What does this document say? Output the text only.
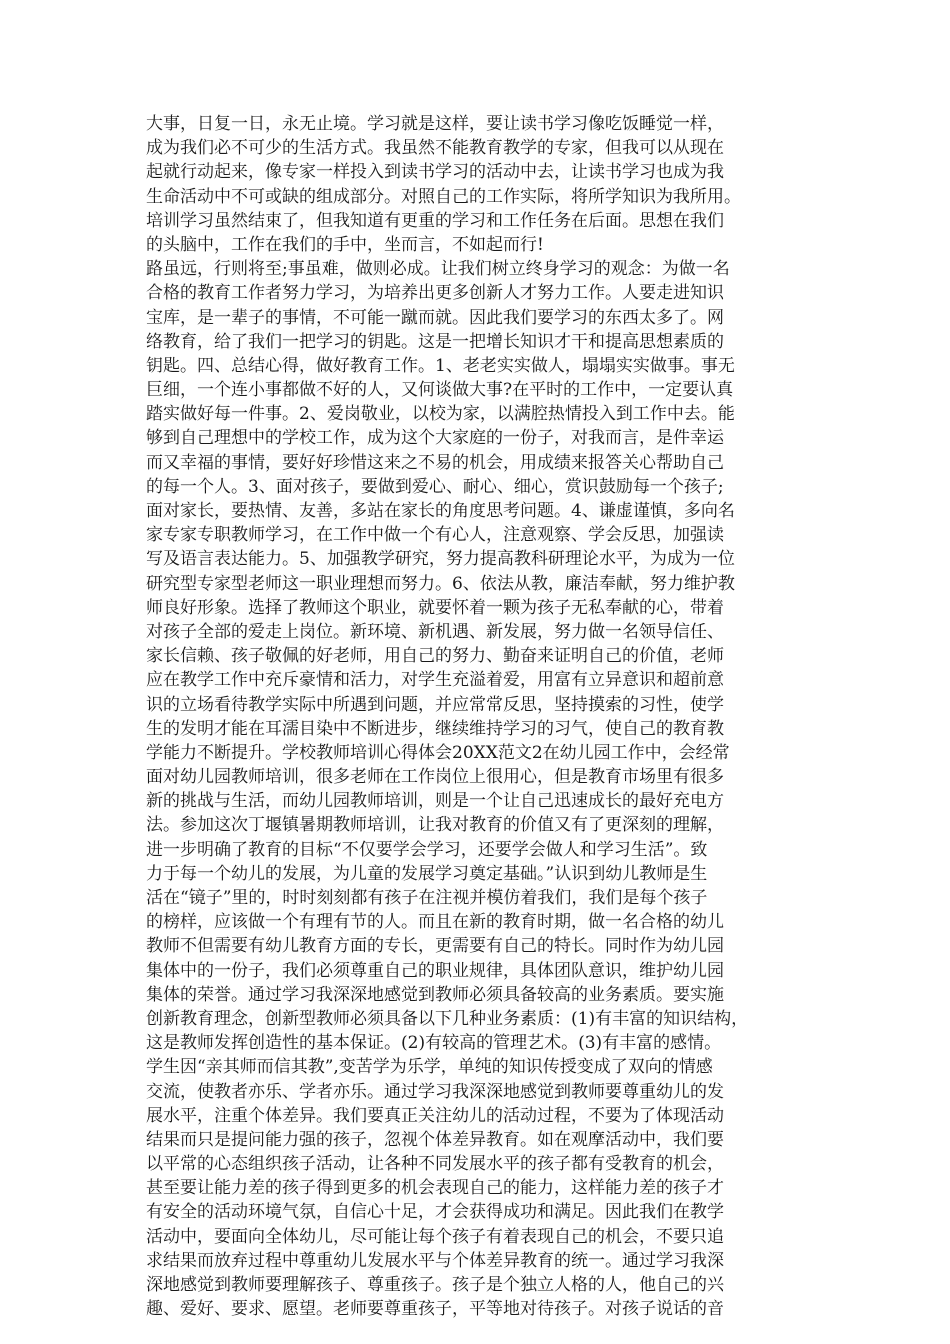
大事，日复一日，永无止境。学习就是这样，要让读书学习像吃饭睡觉一样，
成为我们必不可少的生活方式。我虽然不能教育教学的专家，但我可以从现在
起就行动起来，像专家一样投入到读书学习的活动中去，让读书学习也成为我
生命活动中不可或缺的组成部分。对照自己的工作实际，将所学知识为我所用。
培训学习虽然结束了，但我知道有更重的学习和工作任务在后面。思想在我们
的头脑中，工作在我们的手中，坐而言，不如起而行!
路虽远，行则将至;事虽难，做则必成。让我们树立终身学习的观念：为做一名
合格的教育工作者努力学习，为培养出更多创新人才努力工作。人要走进知识
宝库，是一辈子的事情，不可能一蹴而就。因此我们要学习的东西太多了。网
络教育，给了我们一把学习的钥匙。这是一把增长知识才干和提高思想素质的
钥匙。四、总结心得，做好教育工作。1、老老实实做人，塌塌实实做事。事无
巨细，一个连小事都做不好的人，又何谈做大事?在平时的工作中，一定要认真
踏实做好每一件事。2、爱岗敬业，以校为家，以满腔热情投入到工作中去。能
够到自己理想中的学校工作，成为这个大家庭的一份子，对我而言，是件幸运
而又幸福的事情，要好好珍惜这来之不易的机会，用成绩来报答关心帮助自己
的每一个人。3、面对孩子，要做到爱心、耐心、细心，赏识鼓励每一个孩子;
面对家长，要热情、友善，多站在家长的角度思考问题。4、谦虚谨慎，多向名
家专家专职教师学习，在工作中做一个有心人，注意观察、学会反思，加强读
写及语言表达能力。5、加强教学研究，努力提高教科研理论水平，为成为一位
研究型专家型老师这一职业理想而努力。6、依法从教，廉洁奉献，努力维护教
师良好形象。选择了教师这个职业，就要怀着一颗为孩子无私奉献的心，带着
对孩子全部的爱走上岗位。新环境、新机遇、新发展，努力做一名领导信任、
家长信赖、孩子敬佩的好老师，用自己的努力、勤奋来证明自己的价值，老师
应在教学工作中充斥豪情和活力，对学生充溢着爱，用富有立异意识和超前意
识的立场看待教学实际中所遇到问题，并应常常反思，坚持摸索的习性，使学
生的发明才能在耳濡目染中不断进步，继续维持学习的习气，使自己的教育教
学能力不断提升。学校教师培训心得体会20XX范文2在幼儿园工作中，会经常
面对幼儿园教师培训，很多老师在工作岗位上很用心，但是教育市场里有很多
新的挑战与生活，而幼儿园教师培训，则是一个让自己迅速成长的最好充电方
法。参加这次丁堰镇暑期教师培训，让我对教育的价值又有了更深刻的理解，
进一步明确了教育的目标“不仅要学会学习，还要学会做人和学习生活”。致
力于每一个幼儿的发展，为儿童的发展学习奠定基础。”认识到幼儿教师是生
活在“镜子”里的，时时刻刻都有孩子在注视并模仿着我们，我们是每个孩子
的榜样，应该做一个有理有节的人。而且在新的教育时期，做一名合格的幼儿
教师不但需要有幼儿教育方面的专长，更需要有自己的特长。同时作为幼儿园
集体中的一份子，我们必须尊重自己的职业规律，具体团队意识，维护幼儿园
集体的荣誉。通过学习我深深地感觉到教师必须具备较高的业务素质。要实施
创新教育理念，创新型教师必须具备以下几种业务素质：(1)有丰富的知识结构，
这是教师发挥创造性的基本保证。(2)有较高的管理艺术。(3)有丰富的感情。
学生因“亲其师而信其教”,变苦学为乐学，单纯的知识传授变成了双向的情感
交流，使教者亦乐、学者亦乐。通过学习我深深地感觉到教师要尊重幼儿的发
展水平，注重个体差异。我们要真正关注幼儿的活动过程，不要为了体现活动
结果而只是提问能力强的孩子，忽视个体差异教育。如在观摩活动中，我们要
以平常的心态组织孩子活动，让各种不同发展水平的孩子都有受教育的机会，
甚至要让能力差的孩子得到更多的机会表现自己的能力，这样能力差的孩子才
有安全的活动环境气氛，自信心十足，才会获得成功和满足。因此我们在教学
活动中，要面向全体幼儿，尽可能让每个孩子有着表现自己的机会，不要只追
求结果而放弃过程中尊重幼儿发展水平与个体差异教育的统一。通过学习我深
深地感觉到教师要理解孩子、尊重孩子。孩子是个独立人格的人，他自己的兴
趣、爱好、要求、愿望。老师要尊重孩子，平等地对待孩子。对孩子说话的音
